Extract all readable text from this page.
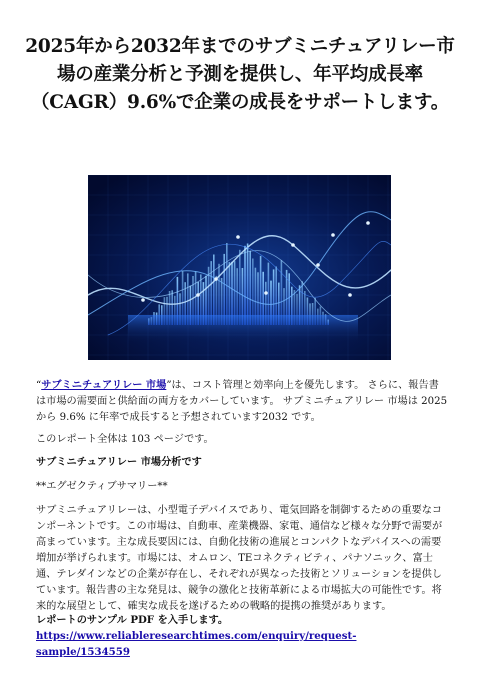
2025年から2032年までのサブミニチュアリレー市場の産業分析と予測を提供し、年平均成長率（CAGR）9.6%で企業の成長をサポートします。

“サブミニチュアリレー 市場”は、コスト管理と効率向上を優先します。 さらに、報告書は市場の需要面と供給面の両方をカバーしています。 サブミニチュアリレー 市場は 2025 から 9.6% に年率で成長すると予想されています2032 です。

このレポート全体は 103 ページです。

サブミニチュアリレー 市場分析です

**エグゼクティブサマリー**

サブミニチュアリレーは、小型電子デバイスであり、電気回路を制御するための重要なコンポーネントです。この市場は、自動車、産業機器、家電、通信など様々な分野で需要が高まっています。主な成長要因には、自動化技術の進展とコンパクトなデバイスへの需要増加が挙げられます。市場には、オムロン、TEコネクティビティ、パナソニック、富士通、テレダインなどの企業が存在し、それぞれが異なった技術とソリューションを提供しています。報告書の主な発見は、競争の激化と技術革新による市場拡大の可能性です。将来的な展望として、確実な成長を遂げるための戦略的提携の推奨があります。

レポートのサンプル PDF を入手します。 https://www.reliableresearchtimes.com/enquiry/request-sample/1534559
